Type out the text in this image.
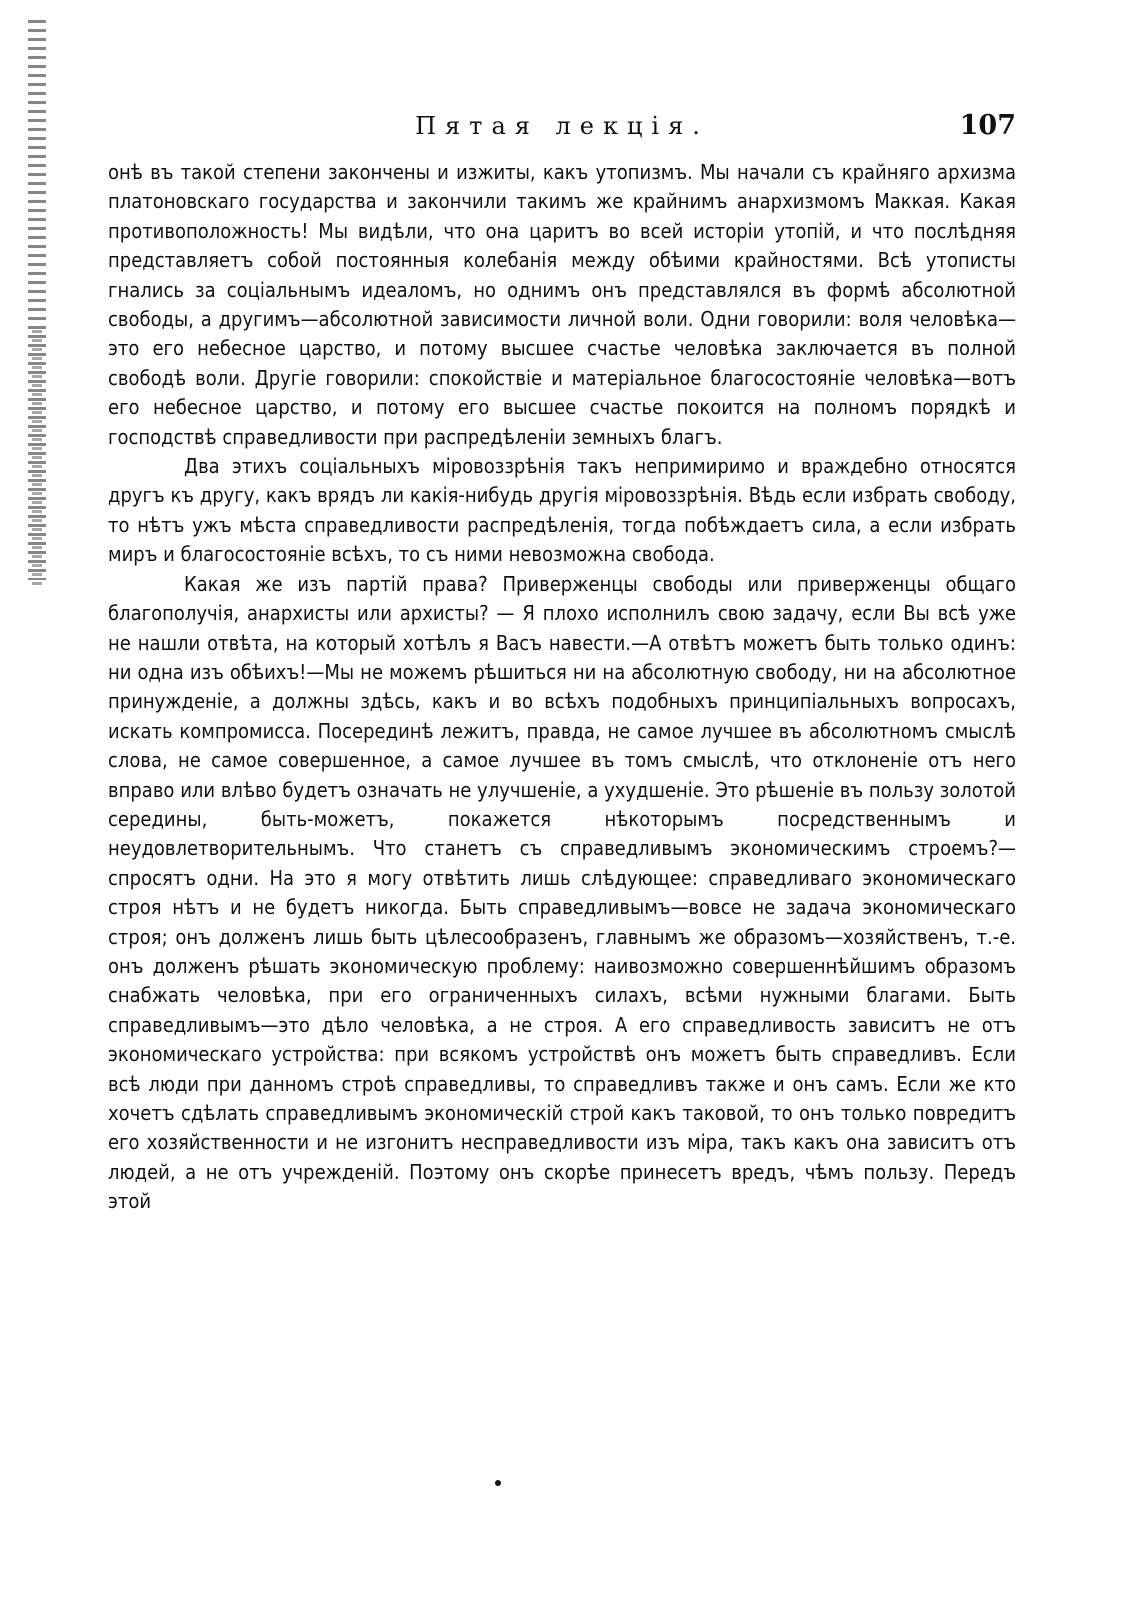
Пятая лекція.	107

онѣ въ такой степени закончены и изжиты, какъ утопизмъ. Мы начали съ крайняго архизма платоновскаго государства и закончили такимъ же крайнимъ анархизмомъ Маккая. Какая противоположность! Мы видѣли, что она царитъ во всей исторіи утопій, и что послѣдняя представляетъ собой постоянныя колебанія между обѣими крайностями. Всѣ утописты гнались за соціальнымъ идеаломъ, но однимъ онъ представлялся въ формѣ абсолютной свободы, а другимъ—абсолютной зависимости личной воли. Одни говорили: воля человѣка—это его небесное царство, и потому высшее счастье человѣка заключается въ полной свободѣ воли. Другіе говорили: спокойствіе и матеріальное благосостояніе человѣка—вотъ его небесное царство, и потому его высшее счастье покоится на полномъ порядкѣ и господствѣ справедливости при распредѣленіи земныхъ благъ.

Два этихъ соціальныхъ міровоззрѣнія такъ непримиримо и враждебно относятся другъ къ другу, какъ врядъ ли какія-нибудь другія міровоззрѣнія. Вѣдь если избрать свободу, то нѣтъ ужъ мѣста справедливости распредѣленія, тогда побѣждаетъ сила, а если избрать миръ и благосостояніе всѣхъ, то съ ними невозможна свобода.

Какая же изъ партій права? Приверженцы свободы или приверженцы общаго благополучія, анархисты или архисты? — Я плохо исполнилъ свою задачу, если Вы всѣ уже не нашли отвѣта, на который хотѣлъ я Васъ навести.—А отвѣтъ можетъ быть только одинъ: ни одна изъ обѣихъ!—Мы не можемъ рѣшиться ни на абсолютную свободу, ни на абсолютное принужденіе, а должны здѣсь, какъ и во всѣхъ подобныхъ принципіальныхъ вопросахъ, искать компромисса. Посерединѣ лежитъ, правда, не самое лучшее въ абсолютномъ смыслѣ слова, не самое совершенное, а самое лучшее въ томъ смыслѣ, что отклоненіе отъ него вправо или влѣво будетъ означать не улучшеніе, а ухудшеніе. Это рѣшеніе въ пользу золотой середины, быть-можетъ, покажется нѣкоторымъ посредственнымъ и неудовлетворительнымъ. Что станетъ съ справедливымъ экономическимъ строемъ?—спросятъ одни. На это я могу отвѣтить лишь слѣдующее: справедливаго экономическаго строя нѣтъ и не будетъ никогда. Быть справедливымъ—вовсе не задача экономическаго строя; онъ долженъ лишь быть цѣлесообразенъ, главнымъ же образомъ—хозяйственъ, т.-е. онъ долженъ рѣшать экономическую проблему: наивозможно совершеннѣйшимъ образомъ снабжать человѣка, при его ограниченныхъ силахъ, всѣми нужными благами. Быть справедливымъ—это дѣло человѣка, а не строя. А его справедливость зависитъ не отъ экономическаго устройства: при всякомъ устройствѣ онъ можетъ быть справедливъ. Если всѣ люди при данномъ строѣ справедливы, то справедливъ также и онъ самъ. Если же кто хочетъ сдѣлать справедливымъ экономическій строй какъ таковой, то онъ только повредитъ его хозяйственности и не изгонитъ несправедливости изъ міра, такъ какъ она зависитъ отъ людей, а не отъ учрежденій. Поэтому онъ скорѣе принесетъ вредъ, чѣмъ пользу. Передъ этой
